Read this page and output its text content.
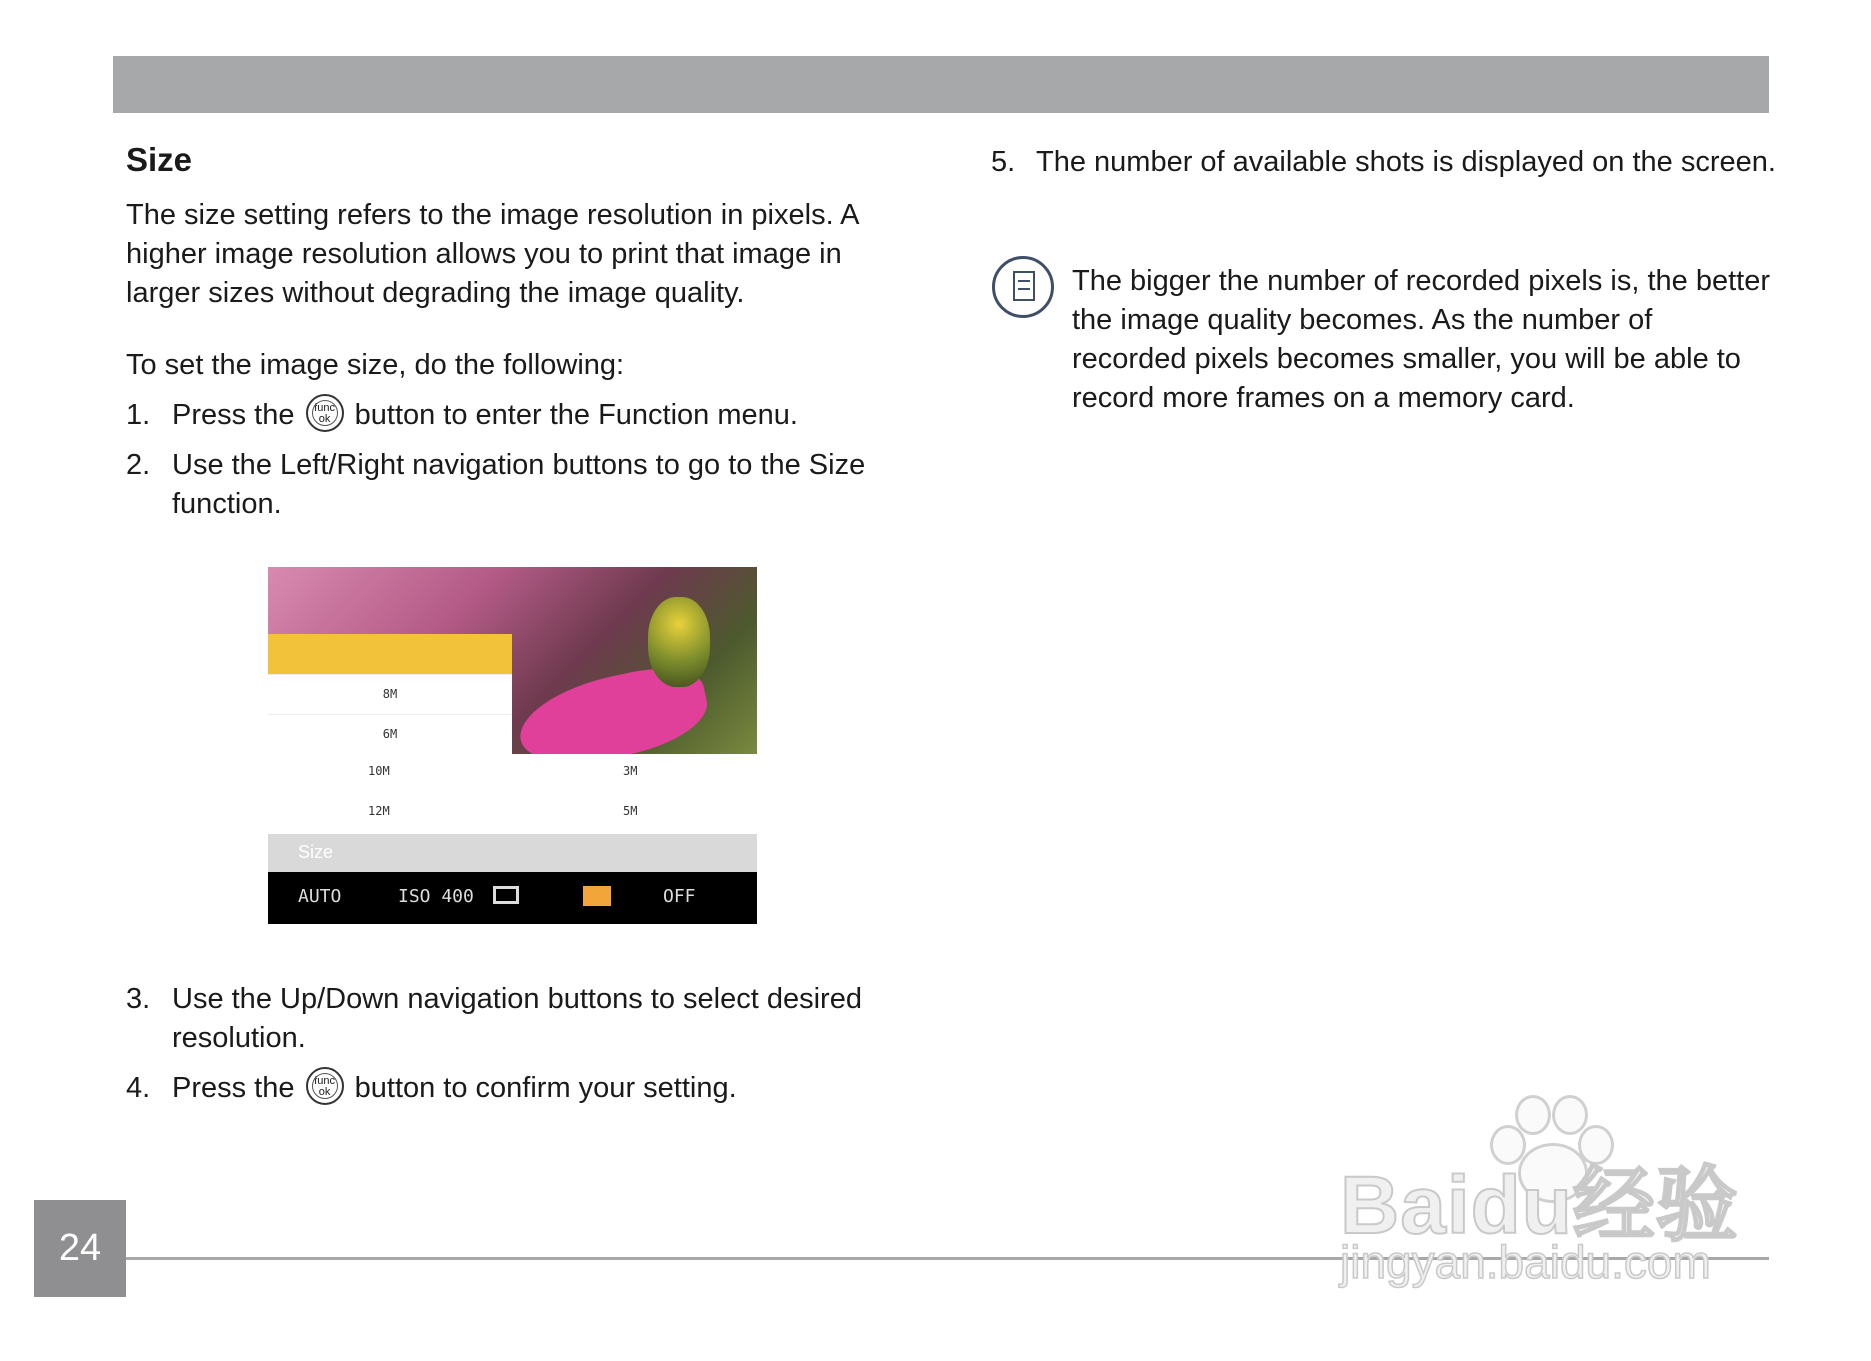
Size
The size setting refers to the image resolution in pixels. A higher image resolution allows you to print that image in larger sizes without degrading the image quality.
To set the image size, do the following:
1. Press the	func
ok button to enter the Function menu.
2. Use the Left/Right navigation buttons to go to the Size function.
8M
6M
10M
12M
3M
5M
Size
AUTO	ISO 400	OFF
3. Use the Up/Down navigation buttons to select desired resolution.
4. Press the	func
ok button to confirm your setting.
5. The number of available shots is displayed on the screen.
The bigger the number of recorded pixels is, the better the image quality becomes. As the number of recorded pixels becomes smaller, you will be able to record more frames on a memory card.
24	Baidu经验
jingyan.baidu.com
